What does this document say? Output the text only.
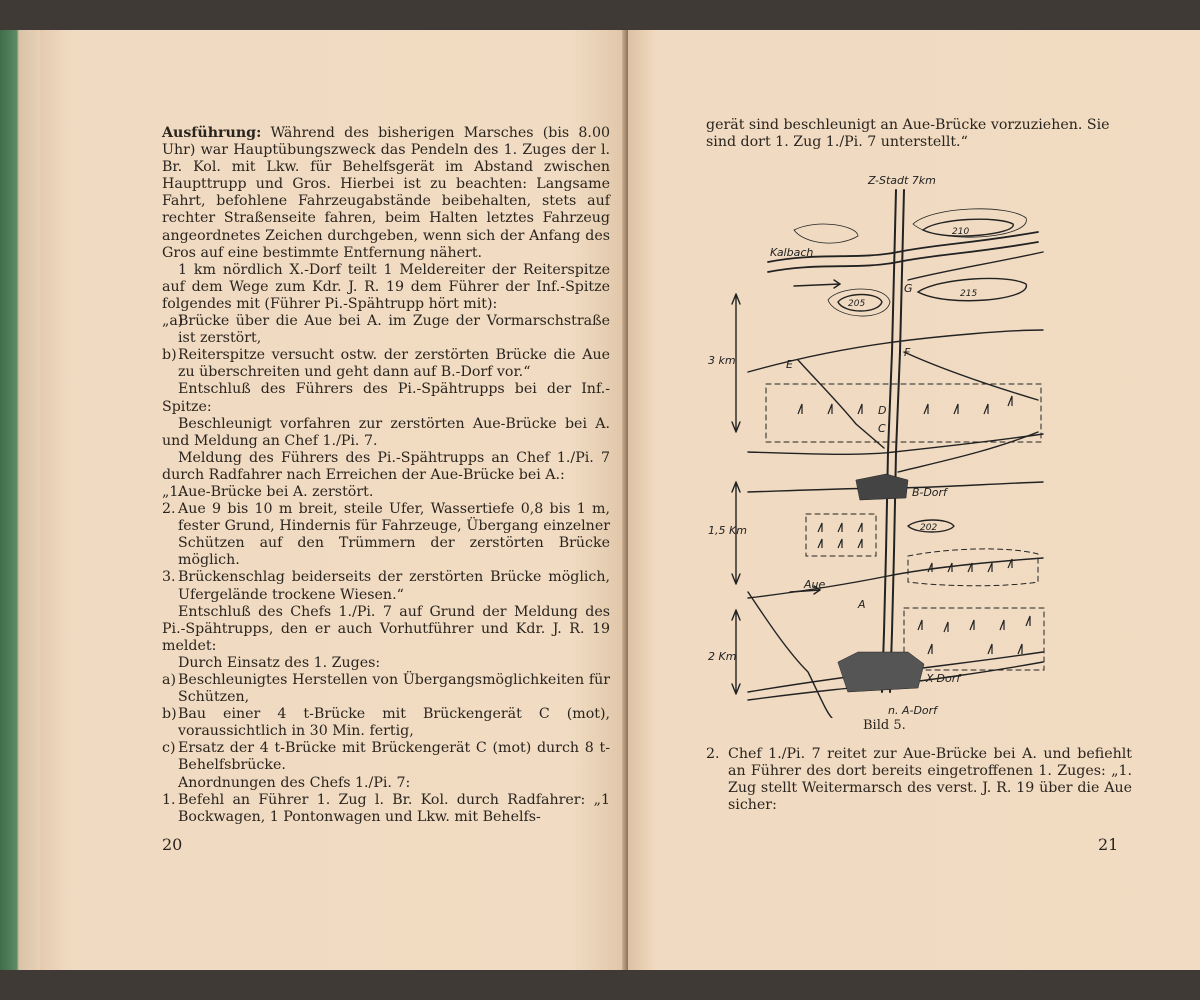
Ausführung: Während des bisherigen Marsches (bis 8.00 Uhr) war Hauptübungszweck das Pendeln des 1. Zuges der l. Br. Kol. mit Lkw. für Behelfsgerät im Abstand zwischen Haupttrupp und Gros. Hierbei ist zu beachten: Langsame Fahrt, befohlene Fahrzeugabstände beibehalten, stets auf rechter Straßenseite fahren, beim Halten letztes Fahrzeug angeordnetes Zeichen durchgeben, wenn sich der Anfang des Gros auf eine bestimmte Entfernung nähert.

1 km nördlich X.-Dorf teilt 1 Meldereiter der Reiterspitze auf dem Wege zum Kdr. J. R. 19 dem Führer der Inf.-Spitze folgendes mit (Führer Pi.-Spähtrupp hört mit):

„a)
Brücke über die Aue bei A. im Zuge der Vormarschstraße ist zerstört,
b) Reiterspitze versucht ostw. der zerstörten Brücke die Aue zu überschreiten und geht dann auf B.-Dorf vor.“

Entschluß des Führers des Pi.-Spähtrupps bei der Inf.-Spitze:

Beschleunigt vorfahren zur zerstörten Aue-Brücke bei A. und Meldung an Chef 1./Pi. 7.

Meldung des Führers des Pi.-Spähtrupps an Chef 1./Pi. 7 durch Radfahrer nach Erreichen der Aue-Brücke bei A.:

„1.
Aue-Brücke bei A. zerstört.
2. Aue 9 bis 10 m breit, steile Ufer, Wassertiefe 0,8 bis 1 m, fester Grund, Hindernis für Fahrzeuge, Übergang einzelner Schützen auf den Trümmern der zerstörten Brücke möglich.
3. Brückenschlag beiderseits der zerstörten Brücke möglich, Ufergelände trockene Wiesen.“

Entschluß des Chefs 1./Pi. 7 auf Grund der Meldung des Pi.-Spähtrupps, den er auch Vorhutführer und Kdr. J. R. 19 meldet:

Durch Einsatz des 1. Zuges:

a) Beschleunigtes Herstellen von Übergangsmöglichkeiten für Schützen,
b) Bau einer 4 t-Brücke mit Brückengerät C (mot), voraussichtlich in 30 Min. fertig,
c) Ersatz der 4 t-Brücke mit Brückengerät C (mot) durch 8 t-Behelfsbrücke.

Anordnungen des Chefs 1./Pi. 7:

1. Befehl an Führer 1. Zug l. Br. Kol. durch Radfahrer: „1 Bockwagen, 1 Pontonwagen und Lkw. mit Behelfs-
20
gerät sind beschleunigt an Aue-Brücke vorzuziehen. Sie sind dort 1. Zug 1./Pi. 7 unterstellt.“
Z-Stadt 7km
Kalbach
Aue
B-Dorf
X-Dorf
n. A-Dorf
3 km
1,5 Km
2 Km
E
F
G
D
C
A
210
215
205
202
Bild 5.
2. Chef 1./Pi. 7 reitet zur Aue-Brücke bei A. und befiehlt an Führer des dort bereits eingetroffenen 1. Zuges: „1. Zug stellt Weitermarsch des verst. J. R. 19 über die Aue sicher:
21
